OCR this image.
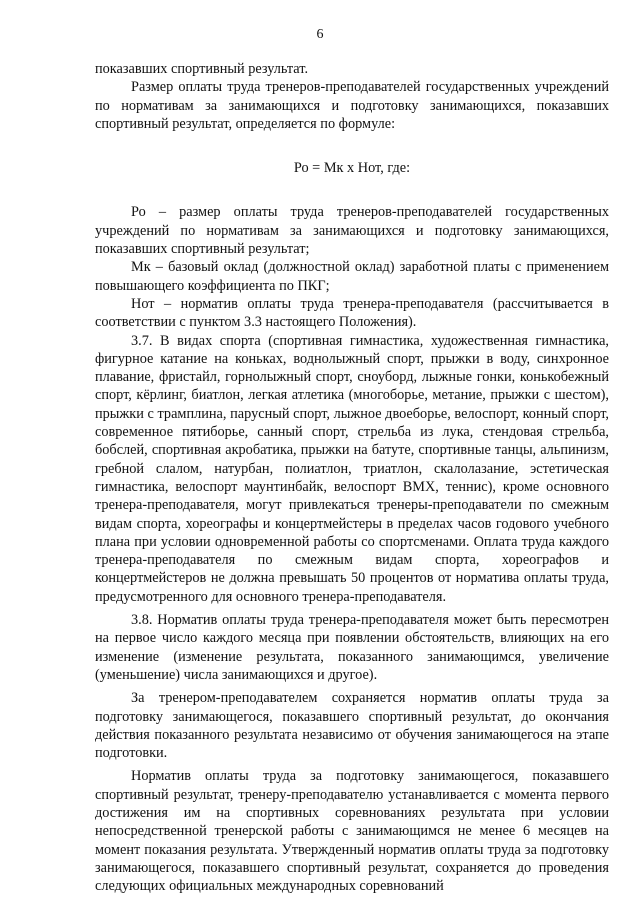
6

показавших спортивный результат.

Размер оплаты труда тренеров-преподавателей государственных учреждений по нормативам за занимающихся и подготовку занимающихся, показавших спортивный результат, определяется по формуле:

Ро = Мк х Нот, где:

Ро – размер оплаты труда тренеров-преподавателей государственных учреждений по нормативам за занимающихся и подготовку занимающихся, показавших спортивный результат;

Мк – базовый оклад (должностной оклад) заработной платы с применением повышающего коэффициента по ПКГ;

Нот – норматив оплаты труда тренера-преподавателя (рассчитывается в соответствии с пунктом 3.3 настоящего Положения).

3.7. В видах спорта (спортивная гимнастика, художественная гимнастика, фигурное катание на коньках, воднолыжный спорт, прыжки в воду, синхронное плавание, фристайл, горнолыжный спорт, сноуборд, лыжные гонки, конькобежный спорт, кёрлинг, биатлон, легкая атлетика (многоборье, метание, прыжки с шестом), прыжки с трамплина, парусный спорт, лыжное двоеборье, велоспорт, конный спорт, современное пятиборье, санный спорт, стрельба из лука, стендовая стрельба, бобслей, спортивная акробатика, прыжки на батуте, спортивные танцы, альпинизм, гребной слалом, натурбан, полиатлон, триатлон, скалолазание, эстетическая гимнастика, велоспорт маунтинбайк, велоспорт ВМХ, теннис), кроме основного тренера-преподавателя, могут привлекаться тренеры-преподаватели по смежным видам спорта, хореографы и концертмейстеры в пределах часов годового учебного плана при условии одновременной работы со спортсменами. Оплата труда каждого тренера-преподавателя по смежным видам спорта, хореографов и концертмейстеров не должна превышать 50 процентов от норматива оплаты труда, предусмотренного для основного тренера-преподавателя.

3.8. Норматив оплаты труда тренера-преподавателя может быть пересмотрен на первое число каждого месяца при появлении обстоятельств, влияющих на его изменение (изменение результата, показанного занимающимся, увеличение (уменьшение) числа занимающихся и другое).

За тренером-преподавателем сохраняется норматив оплаты труда за подготовку занимающегося, показавшего спортивный результат, до окончания действия показанного результата независимо от обучения занимающегося на этапе подготовки.

Норматив оплаты труда за подготовку занимающегося, показавшего спортивный результат, тренеру-преподавателю устанавливается с момента первого достижения им на спортивных соревнованиях результата при условии непосредственной тренерской работы с занимающимся не менее 6 месяцев на момент показания результата. Утвержденный норматив оплаты труда за подготовку занимающегося, показавшего спортивный результат, сохраняется до проведения следующих официальных международных соревнований
